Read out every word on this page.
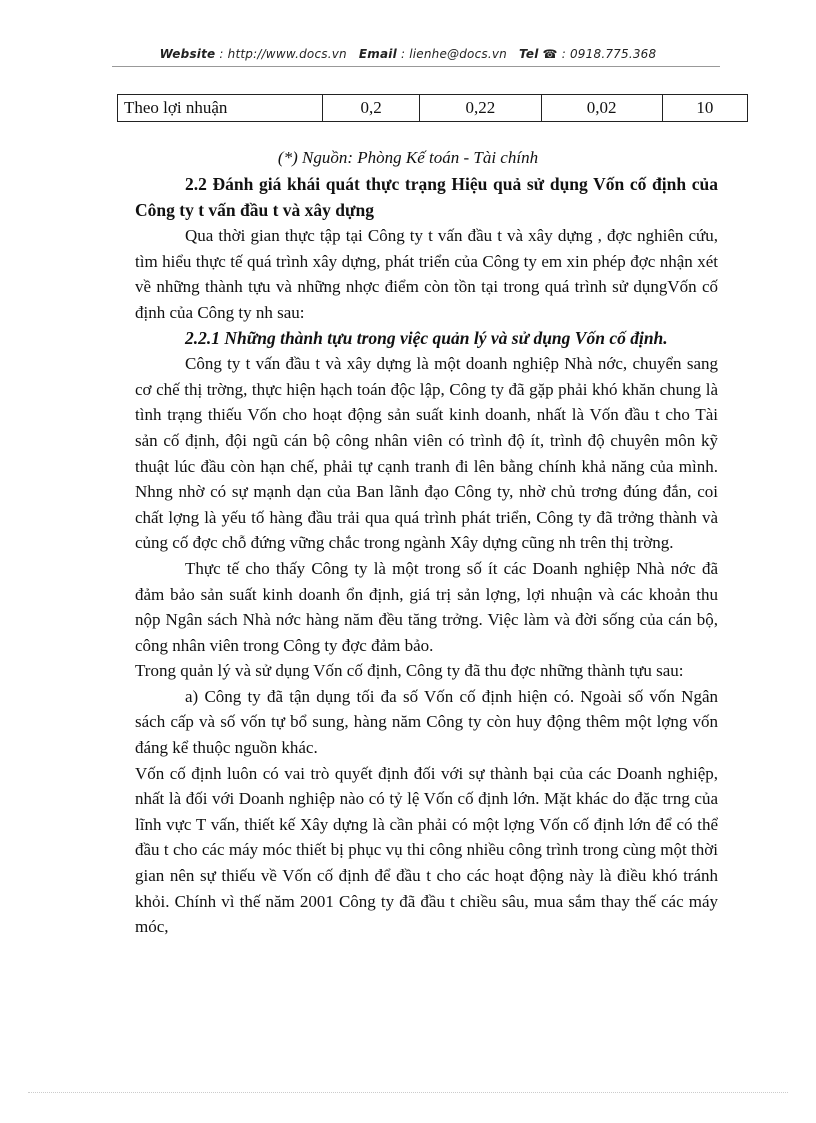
Website : http://www.docs.vn Email : lienhe@docs.vn Tel ☎ : 0918.775.368
Theo lợi nhuận	0,2	0,22	0,02	10
(*) Nguồn: Phòng Kế toán - Tài chính

2.2 Đánh giá khái quát thực trạng Hiệu quả sử dụng Vốn cố định của Công ty t vấn đầu t và xây dựng

Qua thời gian thực tập tại Công ty t vấn đầu t và xây dựng , đợc nghiên cứu, tìm hiểu thực tế quá trình xây dựng, phát triển của Công ty em xin phép đợc nhận xét về những thành tựu và những nhợc điểm còn tồn tại trong quá trình sử dụngVốn cố định của Công ty nh sau:

2.2.1 Những thành tựu trong việc quản lý và sử dụng Vốn cố định.

Công ty t vấn đầu t và xây dựng là một doanh nghiệp Nhà nớc, chuyển sang cơ chế thị trờng, thực hiện hạch toán độc lập, Công ty đã gặp phải khó khăn chung là tình trạng thiếu Vốn cho hoạt động sản suất kinh doanh, nhất là Vốn đầu t cho Tài sản cố định, đội ngũ cán bộ công nhân viên có trình độ ít, trình độ chuyên môn kỹ thuật lúc đầu còn hạn chế, phải tự cạnh tranh đi lên bằng chính khả năng của mình. Nhng nhờ có sự mạnh dạn của Ban lãnh đạo Công ty, nhờ chủ trơng đúng đắn, coi chất lợng là yếu tố hàng đầu trải qua quá trình phát triển, Công ty đã trởng thành và củng cố đợc chỗ đứng vững chắc trong ngành Xây dựng cũng nh trên thị trờng.

Thực tế cho thấy Công ty là một trong số ít các Doanh nghiệp Nhà nớc đã đảm bảo sản suất kinh doanh ổn định, giá trị sản lợng, lợi nhuận và các khoản thu nộp Ngân sách Nhà nớc hàng năm đều tăng trởng. Việc làm và đời sống của cán bộ, công nhân viên trong Công ty đợc đảm bảo.

Trong quản lý và sử dụng Vốn cố định, Công ty đã thu đợc những thành tựu sau:

a) Công ty đã tận dụng tối đa số Vốn cố định hiện có. Ngoài số vốn Ngân sách cấp và số vốn tự bổ sung, hàng năm Công ty còn huy động thêm một lợng vốn đáng kể thuộc nguồn khác.

Vốn cố định luôn có vai trò quyết định đối với sự thành bại của các Doanh nghiệp, nhất là đối với Doanh nghiệp nào có tỷ lệ Vốn cố định lớn. Mặt khác do đặc trng của lĩnh vực T vấn, thiết kế Xây dựng là cần phải có một lợng Vốn cố định lớn để có thể đầu t cho các máy móc thiết bị phục vụ thi công nhiều công trình trong cùng một thời gian nên sự thiếu về Vốn cố định để đầu t cho các hoạt động này là điều khó tránh khỏi. Chính vì thế năm 2001 Công ty đã đầu t chiều sâu, mua sắm thay thế các máy móc,
